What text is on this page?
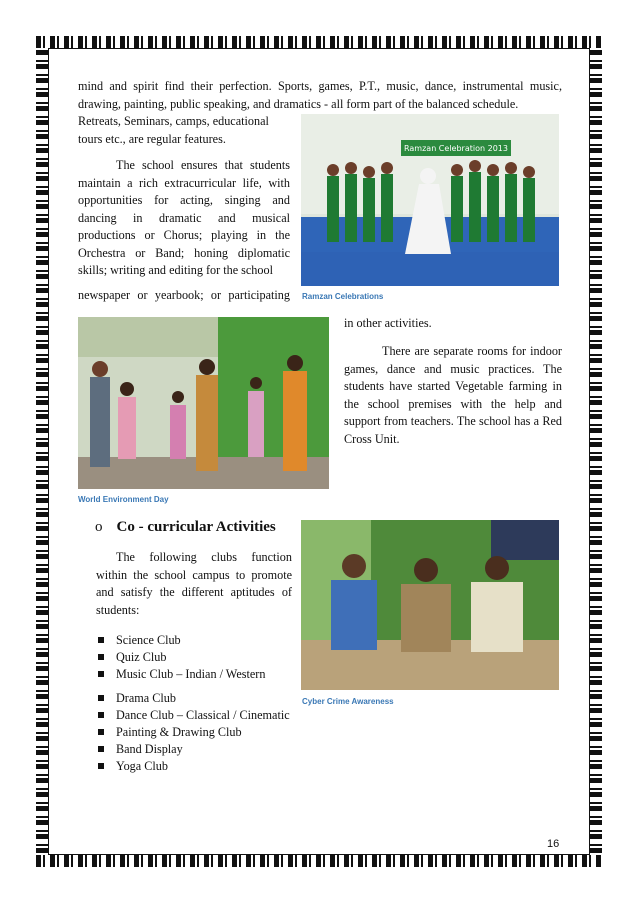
mind and spirit find their perfection. Sports, games, P.T., music, dance, instrumental music, drawing, painting, public speaking, and dramatics - all form part of the balanced schedule.
Retreats, Seminars, camps, educational tours etc., are regular features.
The school ensures that students maintain a rich extracurricular life, with opportunities for acting, singing and dancing in dramatic and musical productions or Chorus; playing in the Orchestra or Band; honing diplomatic skills; writing and editing for the school
newspaper or yearbook; or participating
Ramzan Celebration 2013
Ramzan Celebrations
World Environment Day
in other activities.
There are separate rooms for indoor games, dance and music practices. The students have started Vegetable farming in the school premises with the help and support from teachers. The school has a Red Cross Unit.
o Co - curricular Activities
The following clubs function within the school campus to promote and satisfy the different aptitudes of students:
Science Club
Quiz Club
Music Club – Indian / Western
Drama Club
Dance Club – Classical / Cinematic
Painting & Drawing Club
Band Display
Yoga Club
Cyber Crime Awareness
16
